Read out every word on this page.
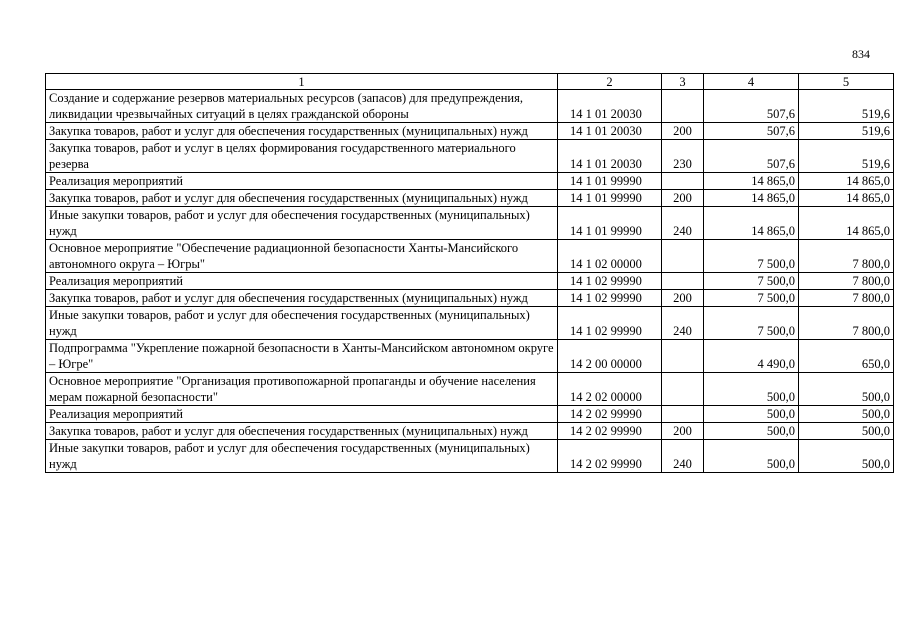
834
1	2	3	4	5
Создание и содержание резервов материальных ресурсов (запасов) для предупреждения, ликвидации чрезвычайных ситуаций в целях гражданской обороны	14 1 01 20030		507,6	519,6
Закупка товаров, работ и услуг для обеспечения государственных (муниципальных) нужд	14 1 01 20030	200	507,6	519,6
Закупка товаров, работ и услуг в целях формирования государственного материального резерва	14 1 01 20030	230	507,6	519,6
Реализация мероприятий	14 1 01 99990		14 865,0	14 865,0
Закупка товаров, работ и услуг для обеспечения государственных (муниципальных) нужд	14 1 01 99990	200	14 865,0	14 865,0
Иные закупки товаров, работ и услуг для обеспечения государственных (муниципальных) нужд	14 1 01 99990	240	14 865,0	14 865,0
Основное мероприятие "Обеспечение радиационной безопасности Ханты-Мансийского автономного округа – Югры"	14 1 02 00000		7 500,0	7 800,0
Реализация мероприятий	14 1 02 99990		7 500,0	7 800,0
Закупка товаров, работ и услуг для обеспечения государственных (муниципальных) нужд	14 1 02 99990	200	7 500,0	7 800,0
Иные закупки товаров, работ и услуг для обеспечения государственных (муниципальных) нужд	14 1 02 99990	240	7 500,0	7 800,0
Подпрограмма "Укрепление пожарной безопасности в Ханты-Мансийском автономном округе – Югре"	14 2 00 00000		4 490,0	650,0
Основное мероприятие "Организация противопожарной пропаганды и обучение населения мерам пожарной безопасности"	14 2 02 00000		500,0	500,0
Реализация мероприятий	14 2 02 99990		500,0	500,0
Закупка товаров, работ и услуг для обеспечения государственных (муниципальных) нужд	14 2 02 99990	200	500,0	500,0
Иные закупки товаров, работ и услуг для обеспечения государственных (муниципальных) нужд	14 2 02 99990	240	500,0	500,0
